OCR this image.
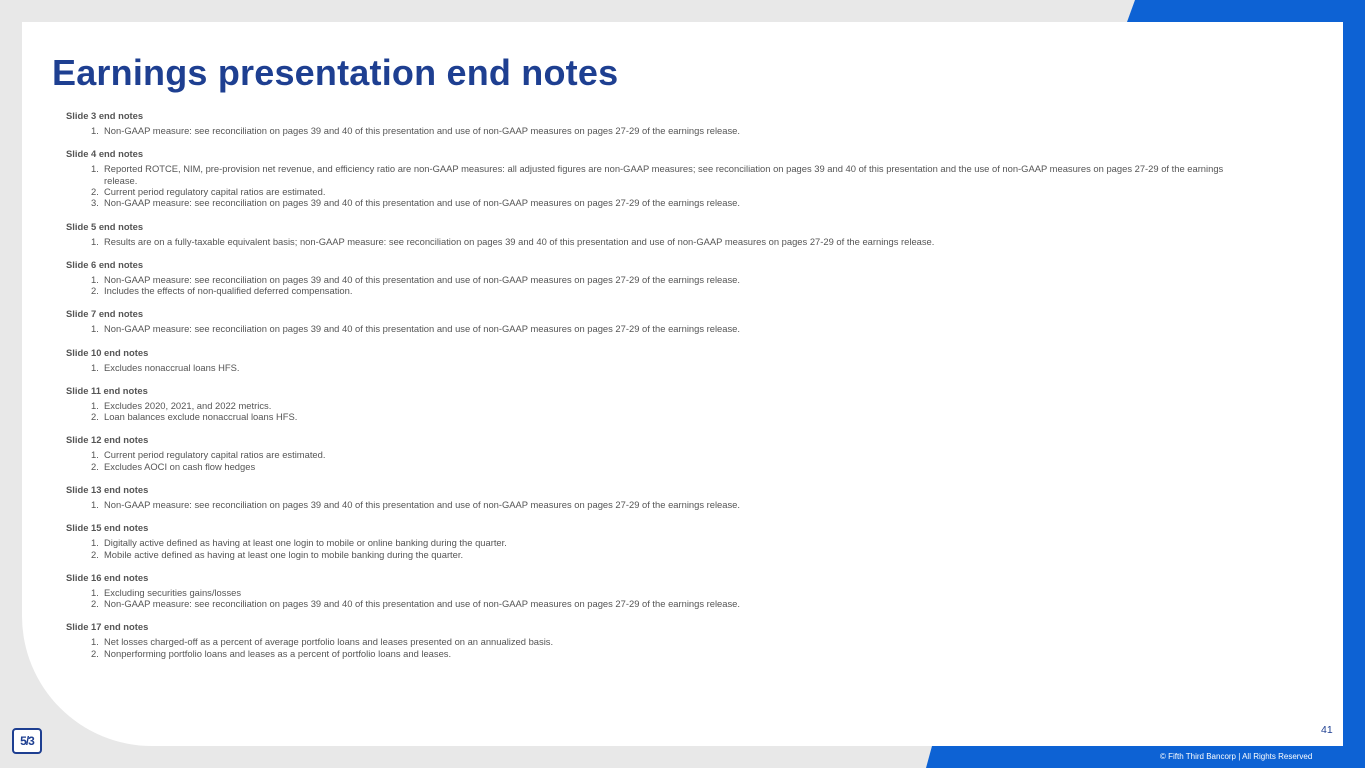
Earnings presentation end notes
Slide 3 end notes
1. Non-GAAP measure: see reconciliation on pages 39 and 40 of this presentation and use of non-GAAP measures on pages 27-29 of the earnings release.
Slide 4 end notes
1. Reported ROTCE, NIM, pre-provision net revenue, and efficiency ratio are non-GAAP measures: all adjusted figures are non-GAAP measures; see reconciliation on pages 39 and 40 of this presentation and the use of non-GAAP measures on pages 27-29 of the earnings release.
2. Current period regulatory capital ratios are estimated.
3. Non-GAAP measure: see reconciliation on pages 39 and 40 of this presentation and use of non-GAAP measures on pages 27-29 of the earnings release.
Slide 5 end notes
1. Results are on a fully-taxable equivalent basis; non-GAAP measure: see reconciliation on pages 39 and 40 of this presentation and use of non-GAAP measures on pages 27-29 of the earnings release.
Slide 6 end notes
1. Non-GAAP measure: see reconciliation on pages 39 and 40 of this presentation and use of non-GAAP measures on pages 27-29 of the earnings release.
2. Includes the effects of non-qualified deferred compensation.
Slide 7 end notes
1. Non-GAAP measure: see reconciliation on pages 39 and 40 of this presentation and use of non-GAAP measures on pages 27-29 of the earnings release.
Slide 10 end notes
1. Excludes nonaccrual loans HFS.
Slide 11 end notes
1. Excludes 2020, 2021, and 2022 metrics.
2. Loan balances exclude nonaccrual loans HFS.
Slide 12 end notes
1. Current period regulatory capital ratios are estimated.
2. Excludes AOCI on cash flow hedges
Slide 13 end notes
1. Non-GAAP measure: see reconciliation on pages 39 and 40 of this presentation and use of non-GAAP measures on pages 27-29 of the earnings release.
Slide 15 end notes
1. Digitally active defined as having at least one login to mobile or online banking during the quarter.
2. Mobile active defined as having at least one login to mobile banking during the quarter.
Slide 16 end notes
1. Excluding securities gains/losses
2. Non-GAAP measure: see reconciliation on pages 39 and 40 of this presentation and use of non-GAAP measures on pages 27-29 of the earnings release.
Slide 17 end notes
1. Net losses charged-off as a percent of average portfolio loans and leases presented on an annualized basis.
2. Nonperforming portfolio loans and leases as a percent of portfolio loans and leases.
41
5/3
© Fifth Third Bancorp | All Rights Reserved
